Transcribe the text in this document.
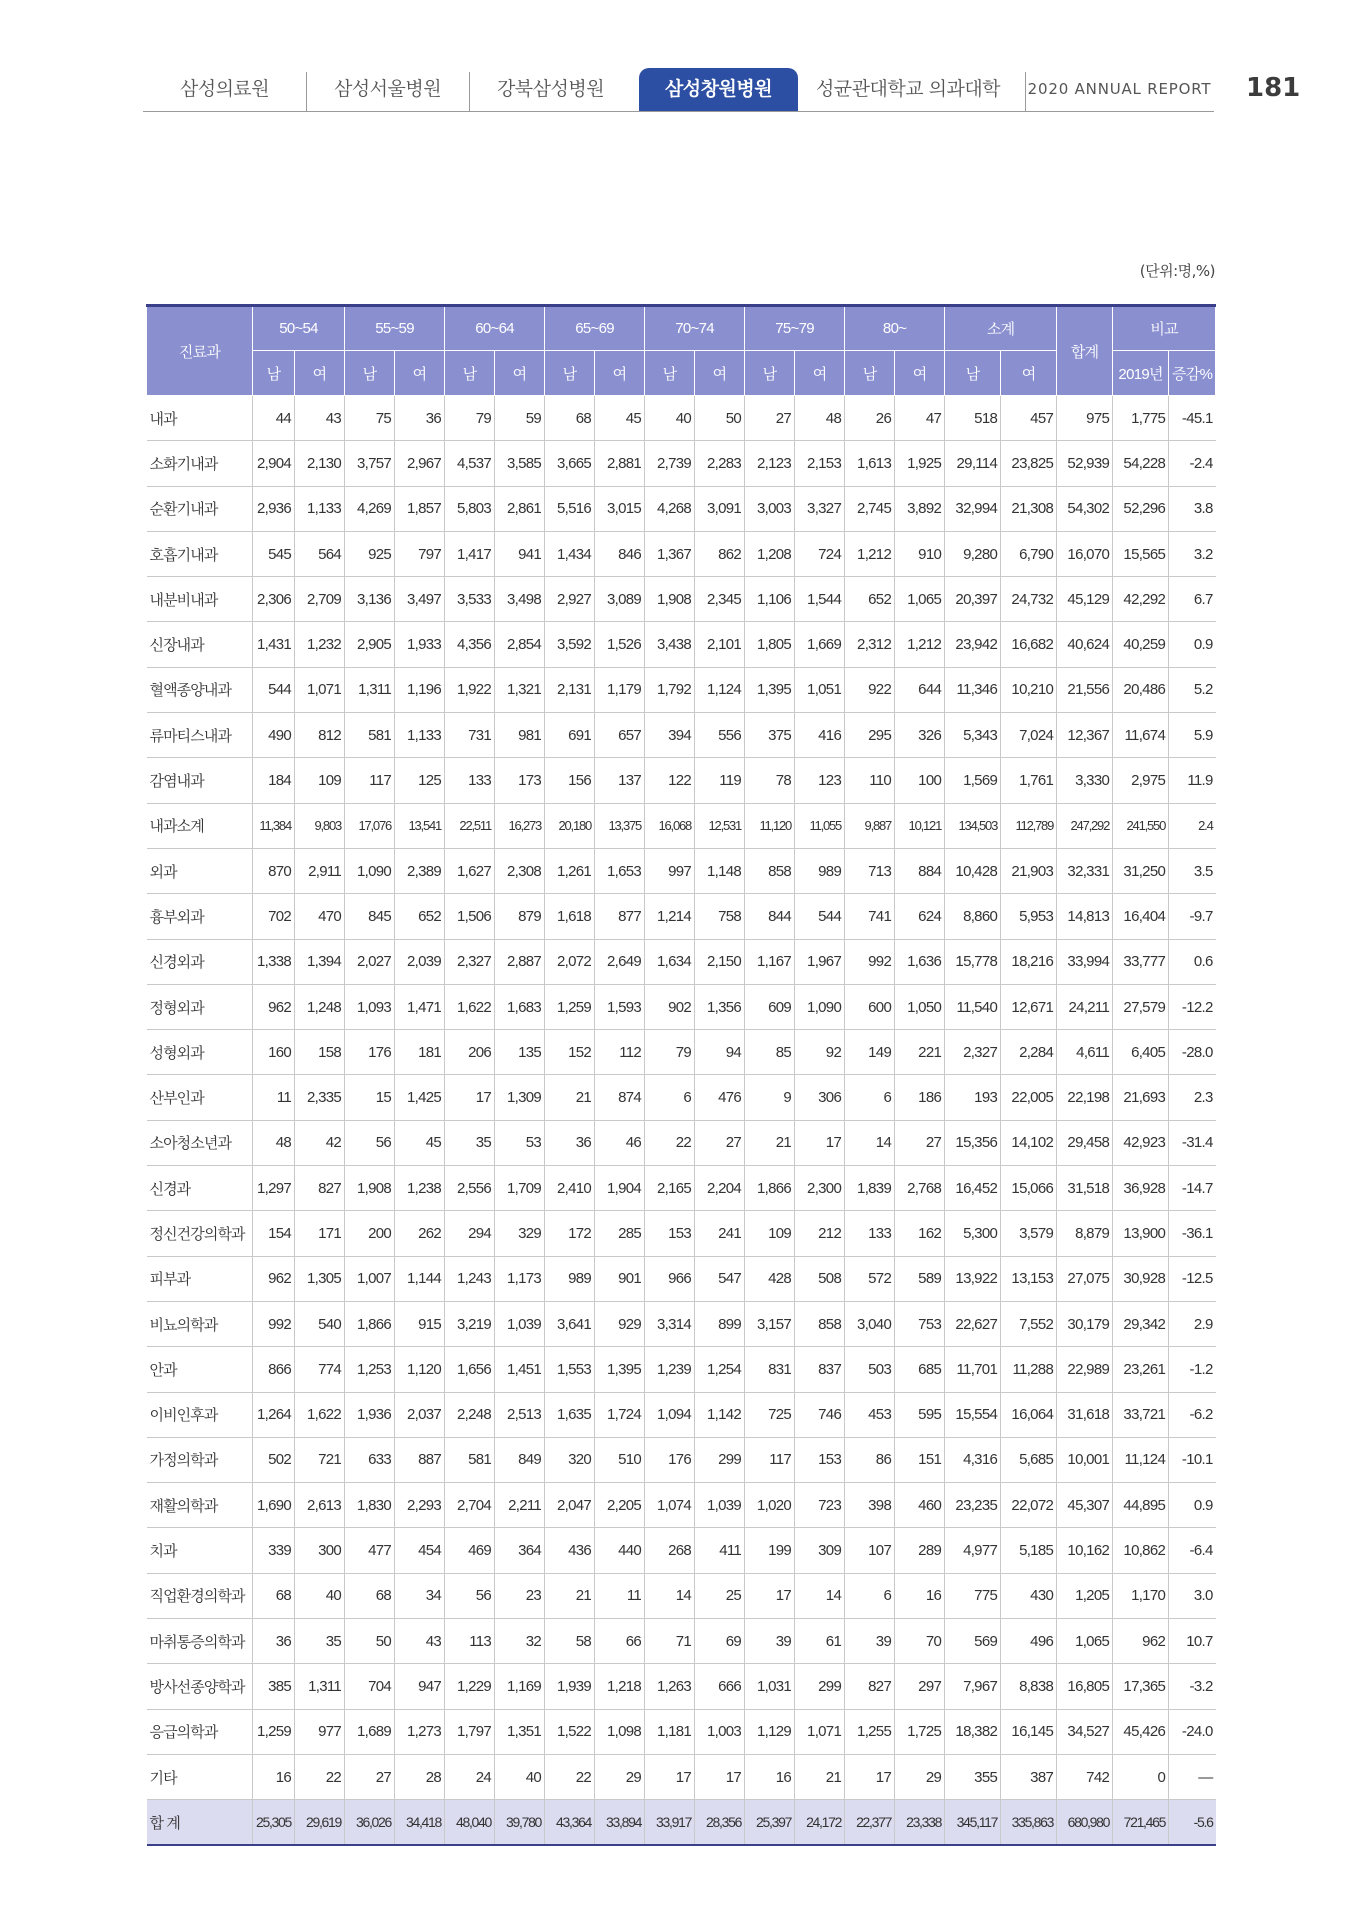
삼성의료원	삼성서울병원	강북삼성병원	삼성창원병원	성균관대학교 의과대학	2020 ANNUAL REPORT 181
(단위:명,%)
진료과	50~54		55~59		60~64		65~69		70~74		75~79		80~		소계		합계	비교	
	남	여	남	여	남	여	남	여	남	여	남	여	남	여	남	여		2019년	증감%
내과	44	43	75	36	79	59	68	45	40	50	27	48	26	47	518	457	975	1,775	-45.1
소화기내과	2,904	2,130	3,757	2,967	4,537	3,585	3,665	2,881	2,739	2,283	2,123	2,153	1,613	1,925	29,114	23,825	52,939	54,228	-2.4
순환기내과	2,936	1,133	4,269	1,857	5,803	2,861	5,516	3,015	4,268	3,091	3,003	3,327	2,745	3,892	32,994	21,308	54,302	52,296	3.8
호흡기내과	545	564	925	797	1,417	941	1,434	846	1,367	862	1,208	724	1,212	910	9,280	6,790	16,070	15,565	3.2
내분비내과	2,306	2,709	3,136	3,497	3,533	3,498	2,927	3,089	1,908	2,345	1,106	1,544	652	1,065	20,397	24,732	45,129	42,292	6.7
신장내과	1,431	1,232	2,905	1,933	4,356	2,854	3,592	1,526	3,438	2,101	1,805	1,669	2,312	1,212	23,942	16,682	40,624	40,259	0.9
혈액종양내과	544	1,071	1,311	1,196	1,922	1,321	2,131	1,179	1,792	1,124	1,395	1,051	922	644	11,346	10,210	21,556	20,486	5.2
류마티스내과	490	812	581	1,133	731	981	691	657	394	556	375	416	295	326	5,343	7,024	12,367	11,674	5.9
감염내과	184	109	117	125	133	173	156	137	122	119	78	123	110	100	1,569	1,761	3,330	2,975	11.9
내과소계	11,384	9,803	17,076	13,541	22,511	16,273	20,180	13,375	16,068	12,531	11,120	11,055	9,887	10,121	134,503	112,789	247,292	241,550	2.4
외과	870	2,911	1,090	2,389	1,627	2,308	1,261	1,653	997	1,148	858	989	713	884	10,428	21,903	32,331	31,250	3.5
흉부외과	702	470	845	652	1,506	879	1,618	877	1,214	758	844	544	741	624	8,860	5,953	14,813	16,404	-9.7
신경외과	1,338	1,394	2,027	2,039	2,327	2,887	2,072	2,649	1,634	2,150	1,167	1,967	992	1,636	15,778	18,216	33,994	33,777	0.6
정형외과	962	1,248	1,093	1,471	1,622	1,683	1,259	1,593	902	1,356	609	1,090	600	1,050	11,540	12,671	24,211	27,579	-12.2
성형외과	160	158	176	181	206	135	152	112	79	94	85	92	149	221	2,327	2,284	4,611	6,405	-28.0
산부인과	11	2,335	15	1,425	17	1,309	21	874	6	476	9	306	6	186	193	22,005	22,198	21,693	2.3
소아청소년과	48	42	56	45	35	53	36	46	22	27	21	17	14	27	15,356	14,102	29,458	42,923	-31.4
신경과	1,297	827	1,908	1,238	2,556	1,709	2,410	1,904	2,165	2,204	1,866	2,300	1,839	2,768	16,452	15,066	31,518	36,928	-14.7
정신건강의학과	154	171	200	262	294	329	172	285	153	241	109	212	133	162	5,300	3,579	8,879	13,900	-36.1
피부과	962	1,305	1,007	1,144	1,243	1,173	989	901	966	547	428	508	572	589	13,922	13,153	27,075	30,928	-12.5
비뇨의학과	992	540	1,866	915	3,219	1,039	3,641	929	3,314	899	3,157	858	3,040	753	22,627	7,552	30,179	29,342	2.9
안과	866	774	1,253	1,120	1,656	1,451	1,553	1,395	1,239	1,254	831	837	503	685	11,701	11,288	22,989	23,261	-1.2
이비인후과	1,264	1,622	1,936	2,037	2,248	2,513	1,635	1,724	1,094	1,142	725	746	453	595	15,554	16,064	31,618	33,721	-6.2
가정의학과	502	721	633	887	581	849	320	510	176	299	117	153	86	151	4,316	5,685	10,001	11,124	-10.1
재활의학과	1,690	2,613	1,830	2,293	2,704	2,211	2,047	2,205	1,074	1,039	1,020	723	398	460	23,235	22,072	45,307	44,895	0.9
치과	339	300	477	454	469	364	436	440	268	411	199	309	107	289	4,977	5,185	10,162	10,862	-6.4
직업환경의학과	68	40	68	34	56	23	21	11	14	25	17	14	6	16	775	430	1,205	1,170	3.0
마취통증의학과	36	35	50	43	113	32	58	66	71	69	39	61	39	70	569	496	1,065	962	10.7
방사선종양학과	385	1,311	704	947	1,229	1,169	1,939	1,218	1,263	666	1,031	299	827	297	7,967	8,838	16,805	17,365	-3.2
응급의학과	1,259	977	1,689	1,273	1,797	1,351	1,522	1,098	1,181	1,003	1,129	1,071	1,255	1,725	18,382	16,145	34,527	45,426	-24.0
기타	16	22	27	28	24	40	22	29	17	17	16	21	17	29	355	387	742	0	—
합 계	25,305	29,619	36,026	34,418	48,040	39,780	43,364	33,894	33,917	28,356	25,397	24,172	22,377	23,338	345,117	335,863	680,980	721,465	-5.6
